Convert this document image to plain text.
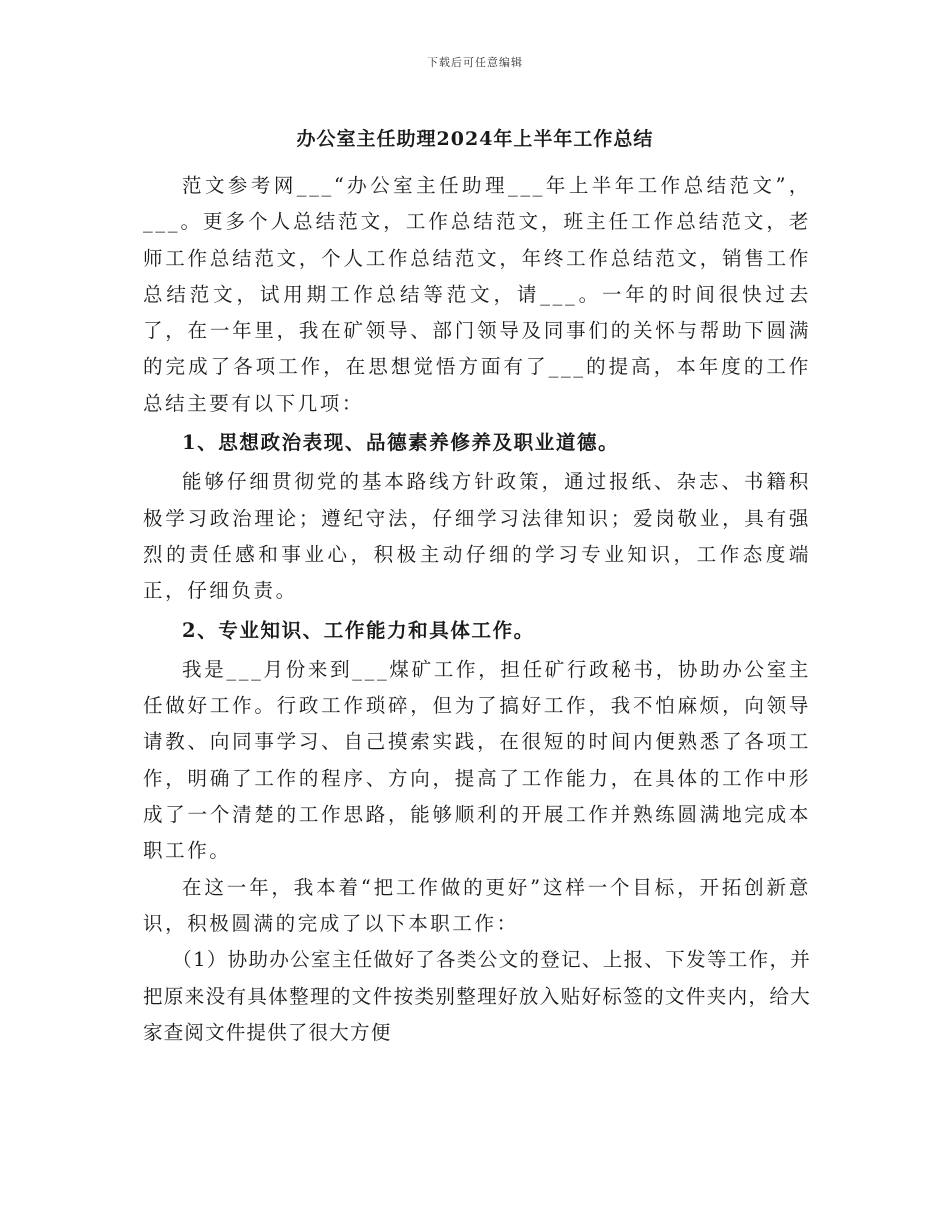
下载后可任意编辑
办公室主任助理2024年上半年工作总结

范文参考网___“办公室主任助理___年上半年工作总结范文”，___。更多个人总结范文，工作总结范文，班主任工作总结范文，老师工作总结范文，个人工作总结范文，年终工作总结范文，销售工作总结范文，试用期工作总结等范文，请___。一年的时间很快过去了，在一年里，我在矿领导、部门领导及同事们的关怀与帮助下圆满的完成了各项工作，在思想觉悟方面有了___的提高，本年度的工作总结主要有以下几项：

1、思想政治表现、品德素养修养及职业道德。

能够仔细贯彻党的基本路线方针政策，通过报纸、杂志、书籍积极学习政治理论；遵纪守法，仔细学习法律知识；爱岗敬业，具有强烈的责任感和事业心，积极主动仔细的学习专业知识，工作态度端正，仔细负责。

2、专业知识、工作能力和具体工作。

我是___月份来到___煤矿工作，担任矿行政秘书，协助办公室主任做好工作。行政工作琐碎，但为了搞好工作，我不怕麻烦，向领导请教、向同事学习、自己摸索实践，在很短的时间内便熟悉了各项工作，明确了工作的程序、方向，提高了工作能力，在具体的工作中形成了一个清楚的工作思路，能够顺利的开展工作并熟练圆满地完成本职工作。

在这一年，我本着“把工作做的更好”这样一个目标，开拓创新意识，积极圆满的完成了以下本职工作：

（1）协助办公室主任做好了各类公文的登记、上报、下发等工作，并把原来没有具体整理的文件按类别整理好放入贴好标签的文件夹内，给大家查阅文件提供了很大方便
